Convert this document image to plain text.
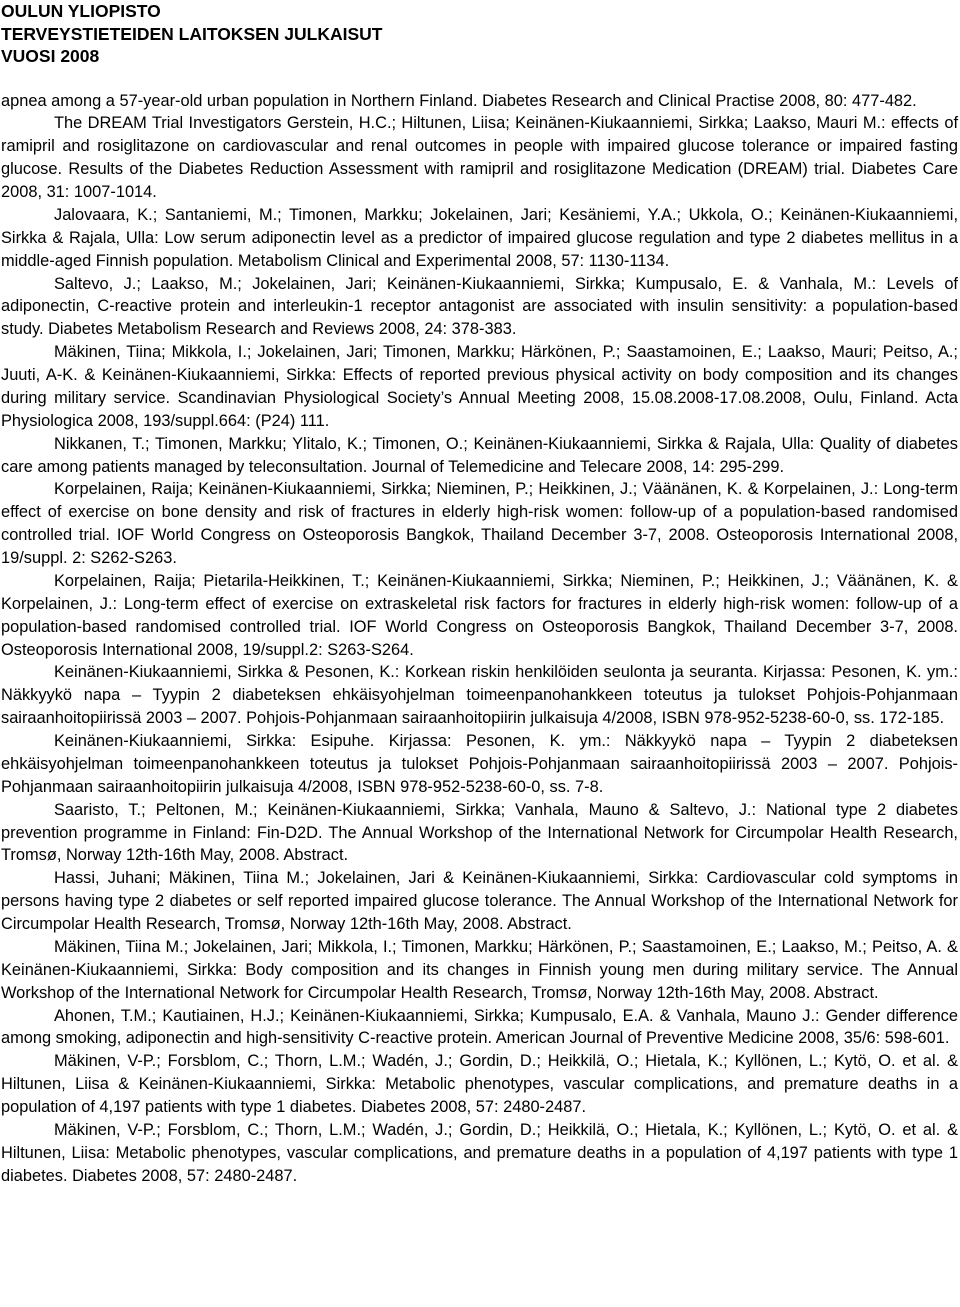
OULUN YLIOPISTO
TERVEYSTIETEIDEN LAITOKSEN JULKAISUT
VUOSI 2008

apnea among a 57-year-old urban population in Northern Finland. Diabetes Research and Clinical Practise 2008, 80: 477-482.

The DREAM Trial Investigators Gerstein, H.C.; Hiltunen, Liisa; Keinänen-Kiukaanniemi, Sirkka; Laakso, Mauri M.: effects of ramipril and rosiglitazone on cardiovascular and renal outcomes in people with impaired glucose tolerance or impaired fasting glucose. Results of the Diabetes Reduction Assessment with ramipril and rosiglitazone Medication (DREAM) trial. Diabetes Care 2008, 31: 1007-1014.

Jalovaara, K.; Santaniemi, M.; Timonen, Markku; Jokelainen, Jari; Kesäniemi, Y.A.; Ukkola, O.; Keinänen-Kiukaanniemi, Sirkka & Rajala, Ulla: Low serum adiponectin level as a predictor of impaired glucose regulation and type 2 diabetes mellitus in a middle-aged Finnish population. Metabolism Clinical and Experimental 2008, 57: 1130-1134.

Saltevo, J.; Laakso, M.; Jokelainen, Jari; Keinänen-Kiukaanniemi, Sirkka; Kumpusalo, E. & Vanhala, M.: Levels of adiponectin, C-reactive protein and interleukin-1 receptor antagonist are associated with insulin sensitivity: a population-based study. Diabetes Metabolism Research and Reviews 2008, 24: 378-383.

Mäkinen, Tiina; Mikkola, I.; Jokelainen, Jari; Timonen, Markku; Härkönen, P.; Saastamoinen, E.; Laakso, Mauri; Peitso, A.; Juuti, A-K. & Keinänen-Kiukaanniemi, Sirkka: Effects of reported previous physical activity on body composition and its changes during military service. Scandinavian Physiological Society’s Annual Meeting 2008, 15.08.2008-17.08.2008, Oulu, Finland. Acta Physiologica 2008, 193/suppl.664: (P24) 111.

Nikkanen, T.; Timonen, Markku; Ylitalo, K.; Timonen, O.; Keinänen-Kiukaanniemi, Sirkka & Rajala, Ulla: Quality of diabetes care among patients managed by teleconsultation. Journal of Telemedicine and Telecare 2008, 14: 295-299.

Korpelainen, Raija; Keinänen-Kiukaanniemi, Sirkka; Nieminen, P.; Heikkinen, J.; Väänänen, K. & Korpelainen, J.: Long-term effect of exercise on bone density and risk of fractures in elderly high-risk women: follow-up of a population-based randomised controlled trial. IOF World Congress on Osteoporosis Bangkok, Thailand December 3-7, 2008. Osteoporosis International 2008, 19/suppl. 2: S262-S263.

Korpelainen, Raija; Pietarila-Heikkinen, T.; Keinänen-Kiukaanniemi, Sirkka; Nieminen, P.; Heikkinen, J.; Väänänen, K. & Korpelainen, J.: Long-term effect of exercise on extraskeletal risk factors for fractures in elderly high-risk women: follow-up of a population-based randomised controlled trial. IOF World Congress on Osteoporosis Bangkok, Thailand December 3-7, 2008. Osteoporosis International 2008, 19/suppl.2: S263-S264.

Keinänen-Kiukaanniemi, Sirkka & Pesonen, K.: Korkean riskin henkilöiden seulonta ja seuranta. Kirjassa: Pesonen, K. ym.: Näkkyykö napa – Tyypin 2 diabeteksen ehkäisyohjelman toimeenpanohankkeen toteutus ja tulokset Pohjois-Pohjanmaan sairaanhoitopiirissä 2003 – 2007. Pohjois-Pohjanmaan sairaanhoitopiirin julkaisuja 4/2008, ISBN 978-952-5238-60-0, ss. 172-185.

Keinänen-Kiukaanniemi, Sirkka: Esipuhe. Kirjassa: Pesonen, K. ym.: Näkkyykö napa – Tyypin 2 diabeteksen ehkäisyohjelman toimeenpanohankkeen toteutus ja tulokset Pohjois-Pohjanmaan sairaanhoitopiirissä 2003 – 2007. Pohjois-Pohjanmaan sairaanhoitopiirin julkaisuja 4/2008, ISBN 978-952-5238-60-0, ss. 7-8.

Saaristo, T.; Peltonen, M.; Keinänen-Kiukaanniemi, Sirkka; Vanhala, Mauno & Saltevo, J.: National type 2 diabetes prevention programme in Finland: Fin-D2D. The Annual Workshop of the International Network for Circumpolar Health Research, Tromsø, Norway 12th-16th May, 2008. Abstract.

Hassi, Juhani; Mäkinen, Tiina M.; Jokelainen, Jari & Keinänen-Kiukaanniemi, Sirkka: Cardiovascular cold symptoms in persons having type 2 diabetes or self reported impaired glucose tolerance. The Annual Workshop of the International Network for Circumpolar Health Research, Tromsø, Norway 12th-16th May, 2008. Abstract.

Mäkinen, Tiina M.; Jokelainen, Jari; Mikkola, I.; Timonen, Markku; Härkönen, P.; Saastamoinen, E.; Laakso, M.; Peitso, A. & Keinänen-Kiukaanniemi, Sirkka: Body composition and its changes in Finnish young men during military service. The Annual Workshop of the International Network for Circumpolar Health Research, Tromsø, Norway 12th-16th May, 2008. Abstract.

Ahonen, T.M.; Kautiainen, H.J.; Keinänen-Kiukaanniemi, Sirkka; Kumpusalo, E.A. & Vanhala, Mauno J.: Gender difference among smoking, adiponectin and high-sensitivity C-reactive protein. American Journal of Preventive Medicine 2008, 35/6: 598-601.

Mäkinen, V-P.; Forsblom, C.; Thorn, L.M.; Wadén, J.; Gordin, D.; Heikkilä, O.; Hietala, K.; Kyllönen, L.; Kytö, O. et al. & Hiltunen, Liisa & Keinänen-Kiukaanniemi, Sirkka: Metabolic phenotypes, vascular complications, and premature deaths in a population of 4,197 patients with type 1 diabetes. Diabetes 2008, 57: 2480-2487.

Mäkinen, V-P.; Forsblom, C.; Thorn, L.M.; Wadén, J.; Gordin, D.; Heikkilä, O.; Hietala, K.; Kyllönen, L.; Kytö, O. et al. & Hiltunen, Liisa: Metabolic phenotypes, vascular complications, and premature deaths in a population of 4,197 patients with type 1 diabetes. Diabetes 2008, 57: 2480-2487.
